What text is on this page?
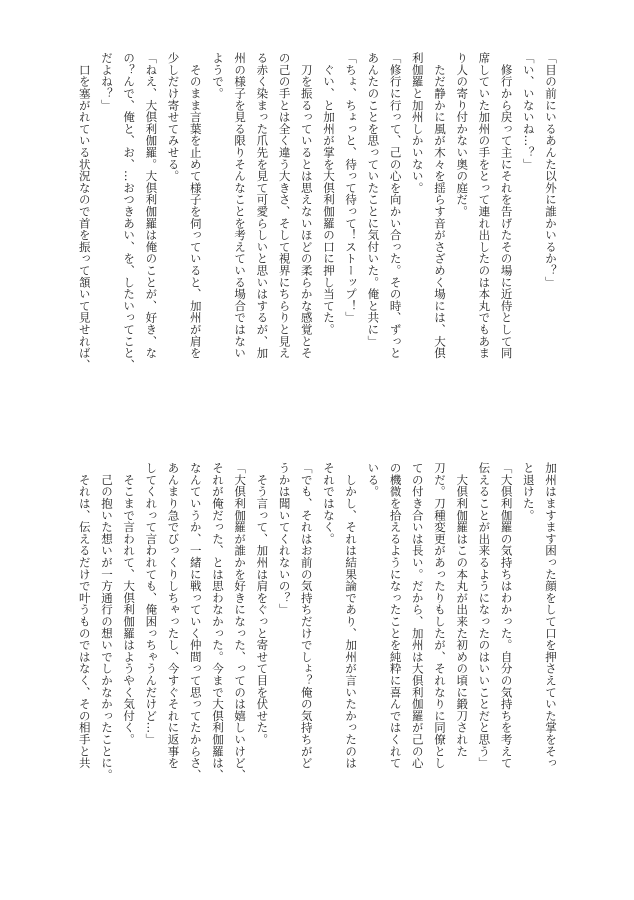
「目の前にいるあんた以外に誰かいるか？」
「い、いないね…？」
　修行から戻って主にそれを告げたその場に近侍として同
席していた加州の手をとって連れ出したのは本丸でもあま
り人の寄り付かない奥の庭だ。
　ただ静かに風が木々を揺らす音がさざめく場には、大倶
利伽羅と加州しかいない。
「修行に行って、己の心を向かい合った。その時、ずっと
あんたのことを思っていたことに気付いた。俺と共に」
「ちょ、ちょっと、待って待って！ストーップ！」
　ぐい、と加州が掌を大倶利伽羅の口に押し当てた。
　刀を振るっているとは思えないほどの柔らかな感覚とそ
の己の手とは全く違う大きさ、そして視界にちらりと見え
る赤く染まった爪先を見て可愛らしいと思いはするが、加
州の様子を見る限りそんなことを考えている場合ではない
ようで。
　そのまま言葉を止めて様子を伺っていると、加州が肩を
少しだけ寄せてみせる。
「ねえ、大倶利伽羅。大倶利伽羅は俺のことが、好き、な
の？んで、俺と、お、…おつきあい、を、したいってこと、
だよね？」
　口を塞がれている状況なので首を振って頷いて見せれば、
加州はますます困った顔をして口を押さえていた掌をそっ
と退けた。
「大倶利伽羅の気持ちはわかった。自分の気持ちを考えて
伝えることが出来るようになったのはいいことだと思う」
　大倶利伽羅はこの本丸が出来た初めの頃に鍛刀された
刀だ。刀種変更があったりもしたが、それなりに同僚とし
ての付き合いは長い。だから、加州は大倶利伽羅が己の心
の機微を拾えるようになったことを純粋に喜んではくれて
いる。
　しかし、それは結果論であり、加州が言いたかったのは
それではなく。
「でも、それはお前の気持ちだけでしょ？俺の気持ちがど
うかは聞いてくれないの？」
　そう言って、加州は肩をぐっと寄せて目を伏せた。
「大倶利伽羅が誰かを好きになった、ってのは嬉しいけど、
それが俺だった、とは思わなかった。今まで大倶利伽羅は、
なんていうか、一緒に戦っていく仲間って思ってたからさ、
あんまり急でびっくりしちゃったし、今すぐそれに返事を
してくれって言われても、俺困っちゃうんだけど…」
　そこまで言われて、大倶利伽羅はようやく気付く。
　己の抱いた想いが一方通行の想いでしかなかったことに。
　それは、伝えるだけで叶うものではなく、その相手と共
